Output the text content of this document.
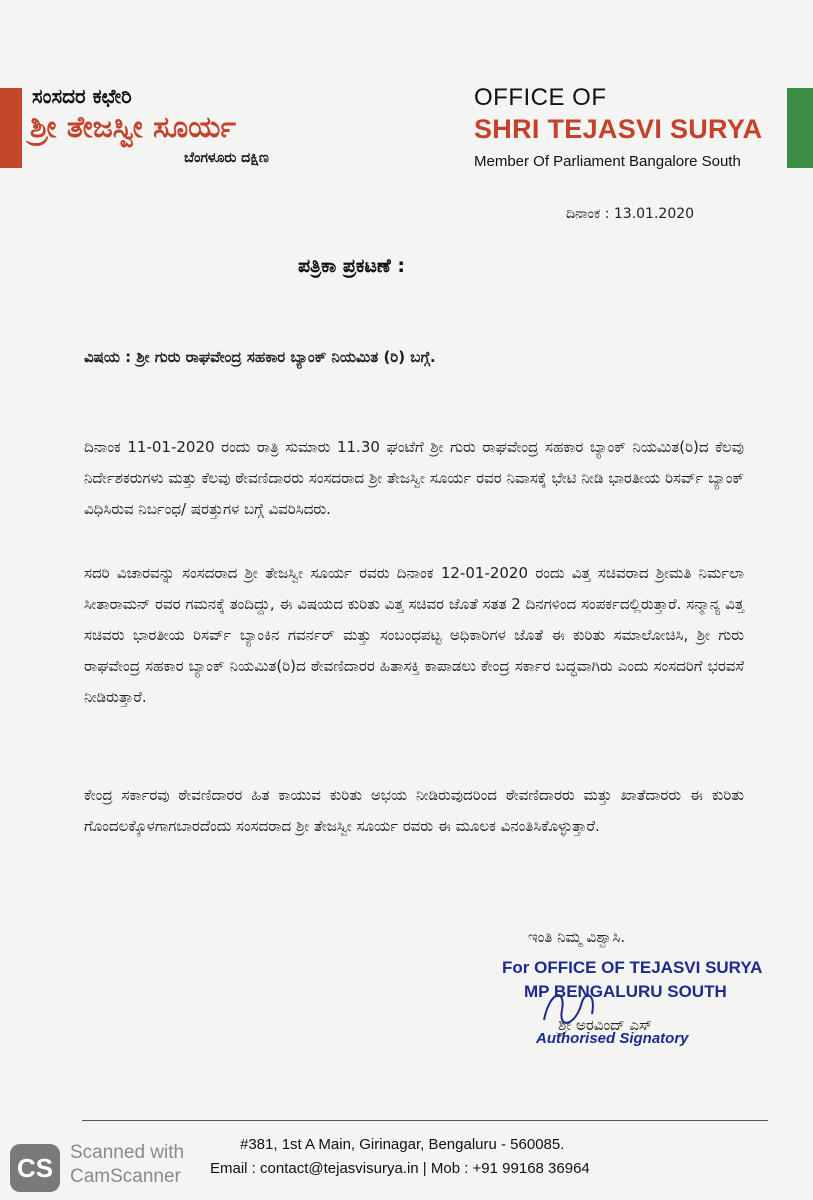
ಸಂಸದರ ಕಛೇರಿ
ಶ್ರೀ ತೇಜಸ್ವೀ ಸೂರ್ಯ
ಬೆಂಗಳೂರು ದಕ್ಷಿಣ
OFFICE OF
SHRI TEJASVI SURYA
Member Of Parliament Bangalore South
ದಿನಾಂಕ : 13.01.2020
ಪತ್ರಿಕಾ ಪ್ರಕಟಣೆ :
ವಿಷಯ : ಶ್ರೀ ಗುರು ರಾಘವೇಂದ್ರ ಸಹಕಾರ ಬ್ಯಾಂಕ್ ನಿಯಮಿತ (ರಿ) ಬಗ್ಗೆ.
ದಿನಾಂಕ 11-01-2020 ರಂದು ರಾತ್ರಿ ಸುಮಾರು 11.30 ಘಂಟೆಗೆ ಶ್ರೀ ಗುರು ರಾಘವೇಂದ್ರ ಸಹಕಾರ ಬ್ಯಾಂಕ್ ನಿಯಮಿತ(ರಿ)ದ ಕೆಲವು ನಿರ್ದೇಶಕರುಗಳು ಮತ್ತು ಕೆಲವು ಠೇವಣಿದಾರರು ಸಂಸದರಾದ ಶ್ರೀ ತೇಜಸ್ವೀ ಸೂರ್ಯ ರವರ ನಿವಾಸಕ್ಕೆ ಭೇಟಿ ನೀಡಿ ಭಾರತೀಯ ರಿಸರ್ವ್ ಬ್ಯಾಂಕ್ ವಿಧಿಸಿರುವ ನಿರ್ಬಂಧ/ ಷರತ್ತುಗಳ ಬಗ್ಗೆ ವಿವರಿಸಿದರು.
ಸದರಿ ವಿಚಾರವನ್ನು ಸಂಸದರಾದ ಶ್ರೀ ತೇಜಸ್ವೀ ಸೂರ್ಯ ರವರು ದಿನಾಂಕ 12-01-2020 ರಂದು ವಿತ್ತ ಸಚಿವರಾದ ಶ್ರೀಮತಿ ನಿರ್ಮಲಾ ಸೀತಾರಾಮನ್ ರವರ ಗಮನಕ್ಕೆ ತಂದಿದ್ದು, ಈ ವಿಷಯದ ಕುರಿತು ವಿತ್ತ ಸಚಿವರ ಜೊತೆ ಸತತ 2 ದಿನಗಳಿಂದ ಸಂಪರ್ಕದಲ್ಲಿರುತ್ತಾರೆ. ಸನ್ಮಾನ್ಯ ವಿತ್ತ ಸಚಿವರು ಭಾರತೀಯ ರಿಸರ್ವ್ ಬ್ಯಾಂಕಿನ ಗವರ್ನರ್ ಮತ್ತು ಸಂಬಂಧಪಟ್ಟ ಅಧಿಕಾರಿಗಳ ಜೊತೆ ಈ ಕುರಿತು ಸಮಾಲೋಚಿಸಿ, ಶ್ರೀ ಗುರು ರಾಘವೇಂದ್ರ ಸಹಕಾರ ಬ್ಯಾಂಕ್ ನಿಯಮಿತ(ರಿ)ದ ಠೇವಣಿದಾರರ ಹಿತಾಸಕ್ತಿ ಕಾಪಾಡಲು ಕೇಂದ್ರ ಸರ್ಕಾರ ಬದ್ಧವಾಗಿರು ಎಂದು ಸಂಸದರಿಗೆ ಭರವಸೆ ನೀಡಿರುತ್ತಾರೆ.
ಕೇಂದ್ರ ಸರ್ಕಾರವು ಠೇವಣಿದಾರರ ಹಿತ ಕಾಯುವ ಕುರಿತು ಅಭಯ ನೀಡಿರುವುದರಿಂದ ಠೇವಣಿದಾರರು ಮತ್ತು ಖಾತೆದಾರರು ಈ ಕುರಿತು ಗೊಂದಲಕ್ಕೊಳಗಾಗಬಾರದೆಂದು ಸಂಸದರಾದ ಶ್ರೀ ತೇಜಸ್ವೀ ಸೂರ್ಯ ರವರು ಈ ಮೂಲಕ ವಿನಂತಿಸಿಕೊಳ್ಳುತ್ತಾರೆ.
ಇಂತಿ ನಿಮ್ಮ ವಿಶ್ವಾಸಿ.
For OFFICE OF TEJASVI SURYA
MP BENGALURU SOUTH
ಶ್ರೀ ಅರವಿಂದ್ ಎಸ್
Authorised Signatory
#381, 1st A Main, Girinagar, Bengaluru - 560085.
Email : contact@tejasvisurya.in | Mob : +91 99168 36964
CS
Scanned with
CamScanner
